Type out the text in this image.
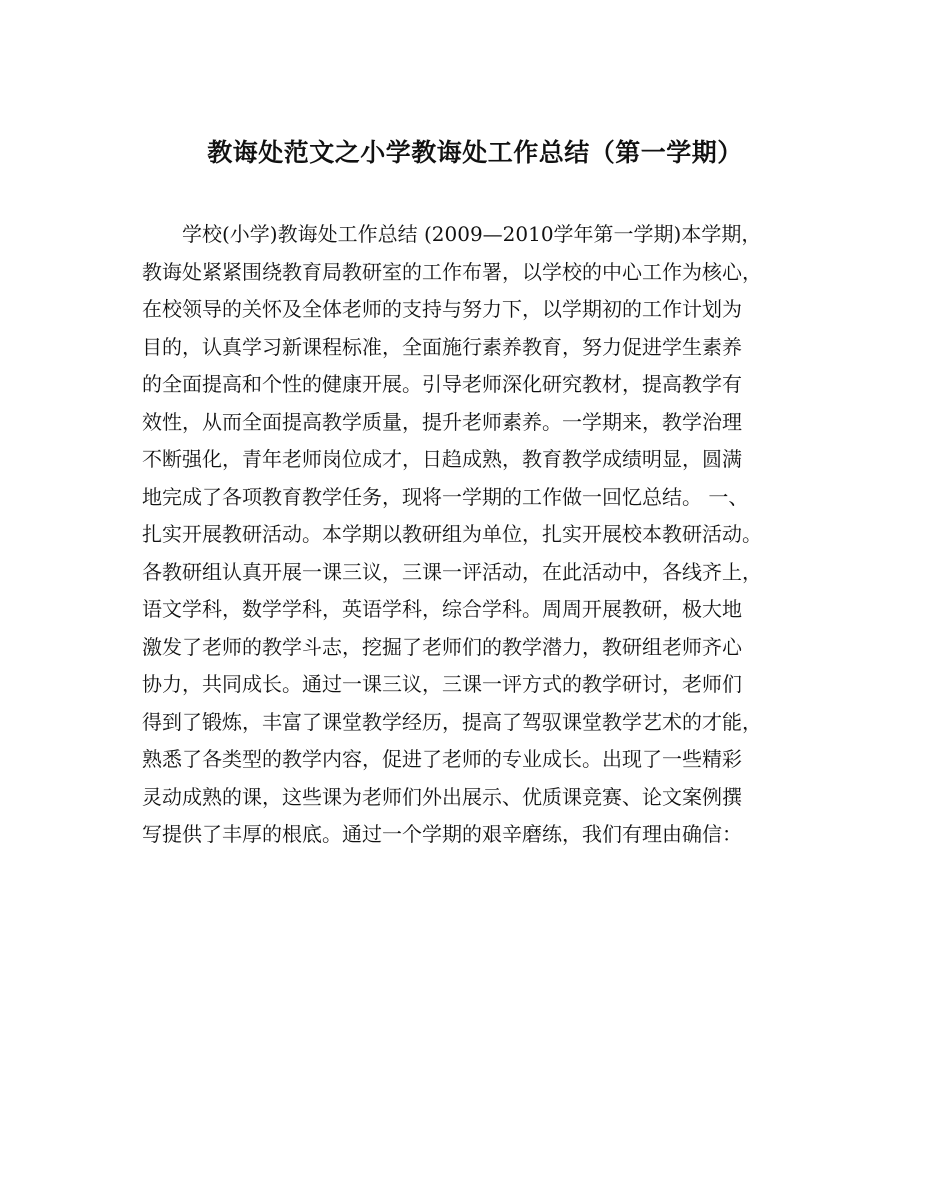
教诲处范文之小学教诲处工作总结（第一学期）
学校(小学)教诲处工作总结 (2009—2010学年第一学期)本学期，
教诲处紧紧围绕教育局教研室的工作布署，以学校的中心工作为核心，
在校领导的关怀及全体老师的支持与努力下，以学期初的工作计划为
目的，认真学习新课程标准，全面施行素养教育，努力促进学生素养
的全面提高和个性的健康开展。引导老师深化研究教材，提高教学有
效性，从而全面提高教学质量，提升老师素养。一学期来，教学治理
不断强化，青年老师岗位成才，日趋成熟，教育教学成绩明显，圆满
地完成了各项教育教学任务，现将一学期的工作做一回忆总结。 一、
扎实开展教研活动。本学期以教研组为单位，扎实开展校本教研活动。
各教研组认真开展一课三议，三课一评活动，在此活动中，各线齐上，
语文学科，数学学科，英语学科，综合学科。周周开展教研，极大地
激发了老师的教学斗志，挖掘了老师们的教学潜力，教研组老师齐心
协力，共同成长。通过一课三议，三课一评方式的教学研讨，老师们
得到了锻炼，丰富了课堂教学经历，提高了驾驭课堂教学艺术的才能，
熟悉了各类型的教学内容，促进了老师的专业成长。出现了一些精彩
灵动成熟的课，这些课为老师们外出展示、优质课竞赛、论文案例撰
写提供了丰厚的根底。通过一个学期的艰辛磨练，我们有理由确信：
